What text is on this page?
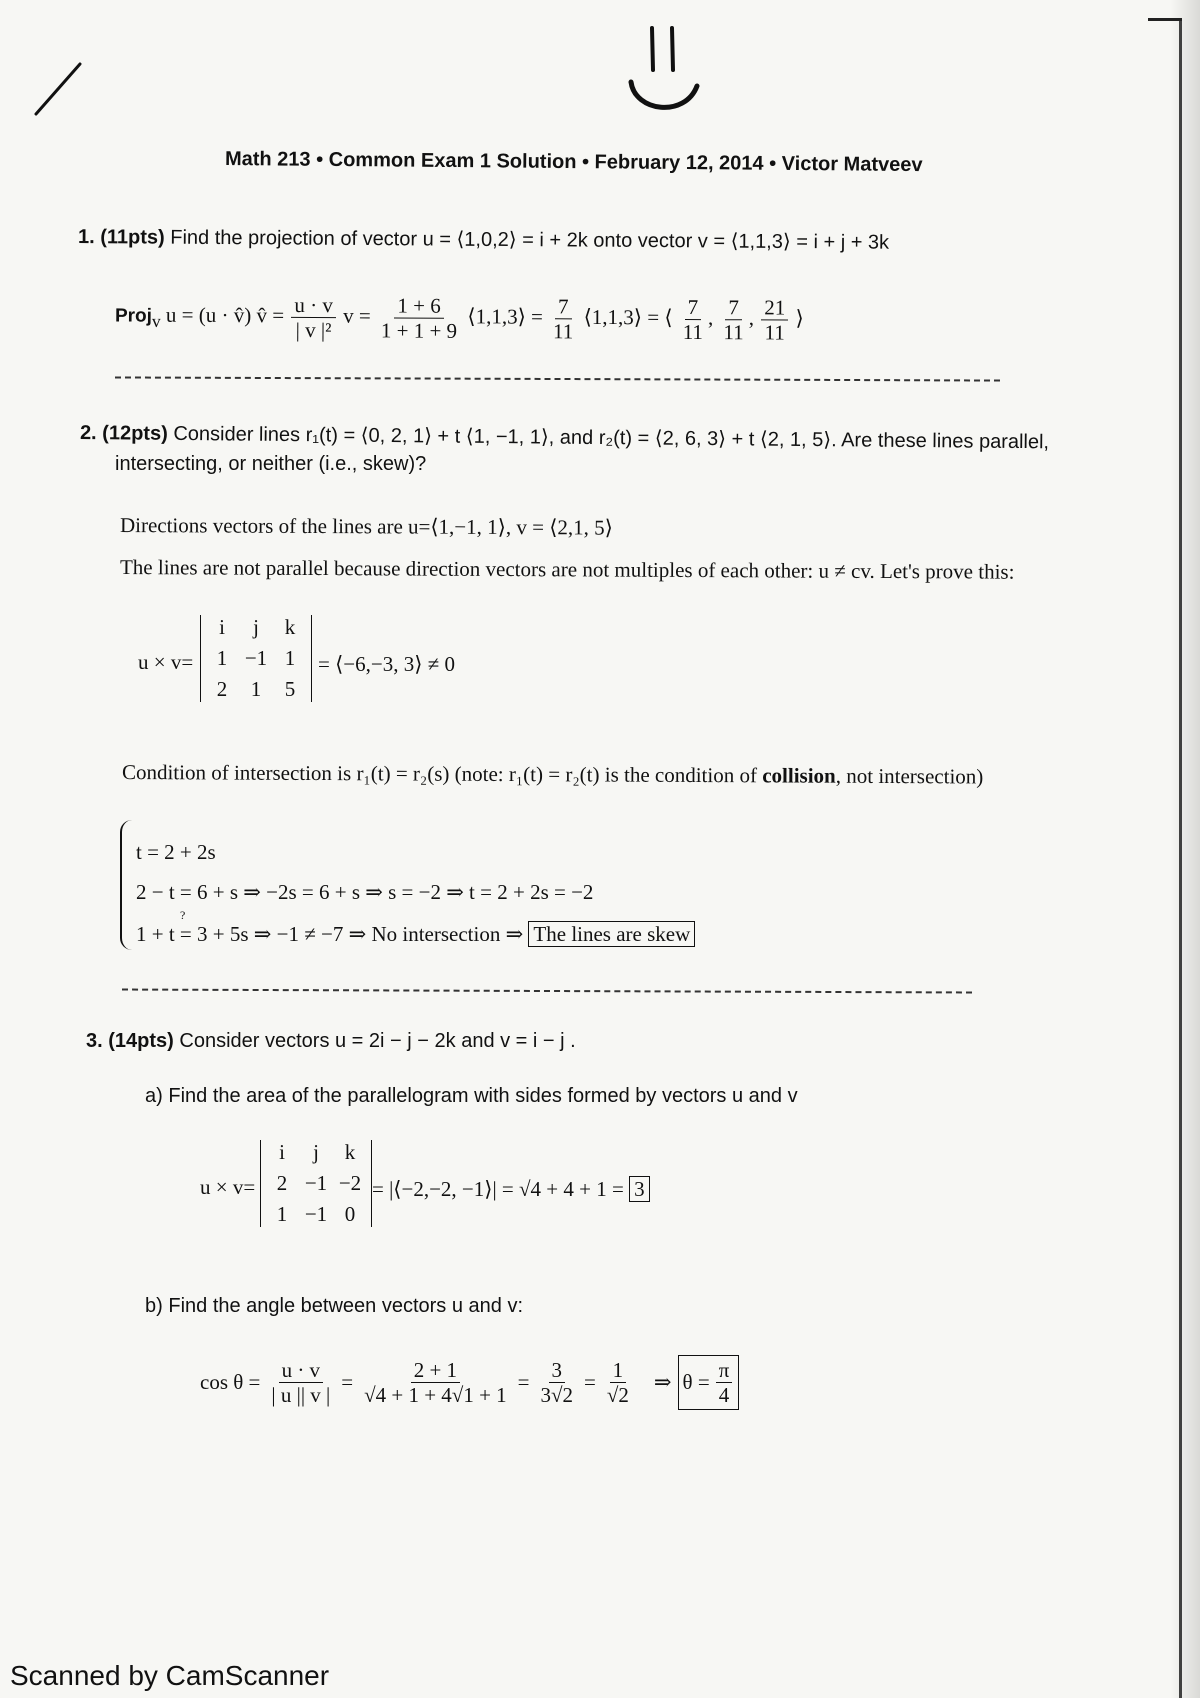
Math 213 • Common Exam 1 Solution • February 12, 2014 • Victor Matveev
1. (11pts) Find the projection of vector u = ⟨1,0,2⟩ = i + 2k onto vector v = ⟨1,1,3⟩ = i + j + 3k
Proj$_v$ u = (u · v̂) v̂ = $\frac{u \cdot v}{\text{| v |²}}$ $v = \frac{1 + 6}{1 + 1 + 9}$ ⟨1,1,3⟩ = $\frac{7}{11}$ ⟨1,1,3⟩ = ⟨ $\frac{7}{11}$ , $\frac{7}{11}$ , $\frac{21}{11}$ ⟩
2. (12pts) Consider lines r₁(t) = ⟨0, 2, 1⟩ + t ⟨1, −1, 1⟩, and r₂(t) = ⟨2, 6, 3⟩ + t ⟨2, 1, 5⟩. Are these lines parallel,
intersecting, or neither (i.e., skew)?
Directions vectors of the lines are u=⟨1,−1, 1⟩, v = ⟨2,1, 5⟩
The lines are not parallel because direction vectors are not multiples of each other: u ≠ cv. Let's prove this:
u × v=
i	j	k
1 −1 1
2	1	5
= ⟨−6,−3, 3⟩ ≠ 0
Condition of intersection is r₁(t) = r₂(s) (note: r₁(t) = r₂(t) is the condition of collision, not intersection)
t = 2 + 2s
2 − t = 6 + s ⇒ −2s = 6 + s ⇒ s = −2 ⇒ t = 2 + 2s = −2
?
1 + t = 3 + 5s ⇒ −1 ≠ −7 ⇒ No intersection ⇒ The lines are skew
3. (14pts) Consider vectors u = 2i − j − 2k and v = i − j .
a) Find the area of the parallelogram with sides formed by vectors u and v
u × v=
i	j	k
2 −1 −2
1 −1 0
= |⟨−2,−2, −1⟩| = √4 + 4 + 1 = 3
b) Find the angle between vectors u and v:
$\cos \theta = \frac{u \cdot v}{| u || v |} = \frac{2 + 1}{√4 + 1 + 4√1 + 1} = \frac{3}{3√2} = \frac{1}{√2}$ ⇒ $\theta = \frac{\pi}{4}$
Scanned by CamScanner
